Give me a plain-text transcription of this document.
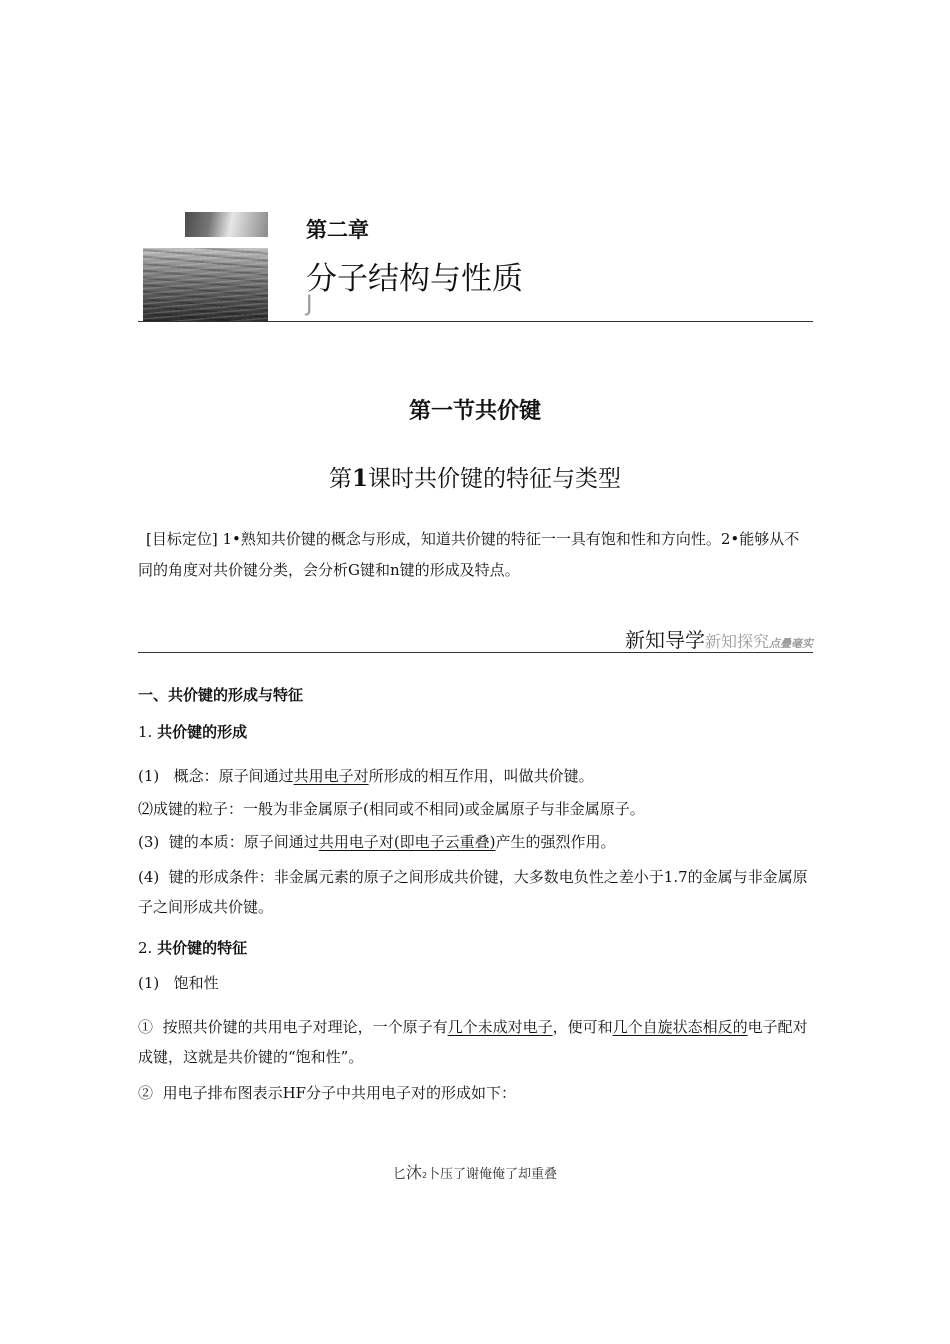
第二章
分子结构与性质
J
第一节共价键
第1课时共价键的特征与类型
[目标定位] 1•熟知共价键的概念与形成，知道共价键的特征一一具有饱和性和方向性。2•能够从不同的角度对共价键分类，会分析G键和n键的形成及特点。
新知导学新知探究点疊毫实
一、共价键的形成与特征
1. 共价键的形成
(1) 概念：原子间通过共用电子对所形成的相互作用，叫做共价键。
⑵成键的粒子：一般为非金属原子(相同或不相同)或金属原子与非金属原子。
(3) 键的本质：原子间通过共用电子对(即电子云重叠)产生的强烈作用。
(4) 键的形成条件：非金属元素的原子之间形成共价键，大多数电负性之差小于1.7的金属与非金属原子之间形成共价键。
2. 共价键的特征
(1) 饱和性
① 按照共价键的共用电子对理论，一个原子有几个未成对电子，便可和几个自旋状态相反的电子配对成键，这就是共价键的“饱和性”。
② 用电子排布图表示HF分子中共用电子对的形成如下：
匕沐2卜压了谢俺俺了却重叠
